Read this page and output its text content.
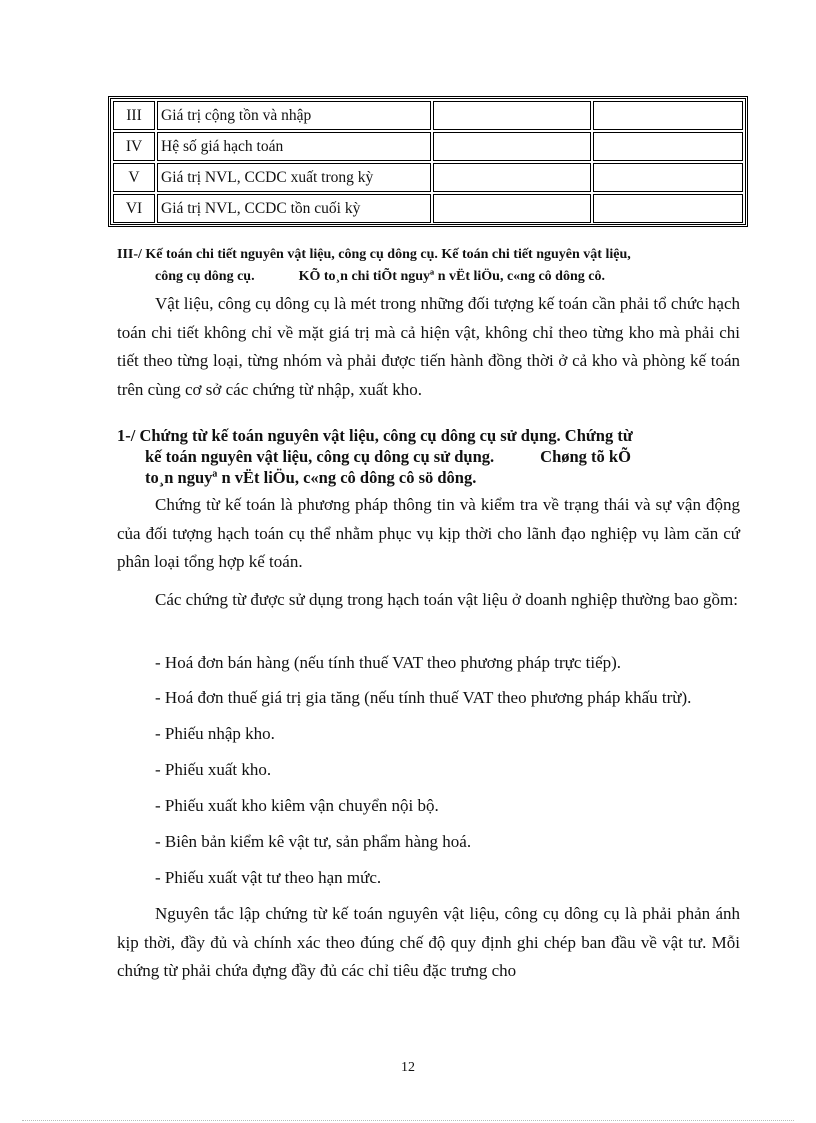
III	Giá trị cộng tồn và nhập		
IV	Hệ số giá hạch toán		
V	Giá trị NVL, CCDC xuất trong kỳ		
VI	Giá trị NVL, CCDC tồn cuối kỳ		
III-/ Kế toán chi tiết nguyên vật liệu, công cụ dông cụ. Kế toán chi tiết nguyên vật liệu,
công cụ dông cụ.	KÕ to¸n chi tiÕt nguyª n vËt liÖu, c«ng cô dông cô.
Vật liệu, công cụ dông cụ là mét trong những đối tượng kế toán cần phải tổ chức hạch toán chi tiết không chỉ về mặt giá trị mà cả hiện vật, không chỉ theo từng kho mà phải chi tiết theo từng loại, từng nhóm và phải được tiến hành đồng thời ở cả kho và phòng kế toán trên cùng cơ sở các chứng từ nhập, xuất kho.
1-/ Chứng từ kế toán nguyên vật liệu, công cụ dông cụ sử dụng. Chứng từ
kế toán nguyên vật liệu, công cụ dông cụ sử dụng.	Chøng tõ kÕ
to¸n nguyª n vËt liÖu, c«ng cô dông cô sö dông.
Chứng từ kế toán là phương pháp thông tin và kiểm tra về trạng thái và sự vận động của đối tượng hạch toán cụ thể nhằm phục vụ kịp thời cho lãnh đạo nghiệp vụ làm căn cứ phân loại tổng hợp kế toán.
Các chứng từ được sử dụng trong hạch toán vật liệu ở doanh nghiệp thường bao gồm:
- Hoá đơn bán hàng (nếu tính thuế VAT theo phương pháp trực tiếp).
- Hoá đơn thuế giá trị gia tăng (nếu tính thuế VAT theo phương pháp khấu trừ).
- Phiếu nhập kho.
- Phiếu xuất kho.
- Phiếu xuất kho kiêm vận chuyển nội bộ.
- Biên bản kiểm kê vật tư, sản phẩm hàng hoá.
- Phiếu xuất vật tư theo hạn mức.
Nguyên tắc lập chứng từ kế toán nguyên vật liệu, công cụ dông cụ là phải phản ánh kịp thời, đầy đủ và chính xác theo đúng chế độ quy định ghi chép ban đầu về vật tư. Mỗi chứng từ phải chứa đựng đầy đủ các chỉ tiêu đặc trưng cho
12
